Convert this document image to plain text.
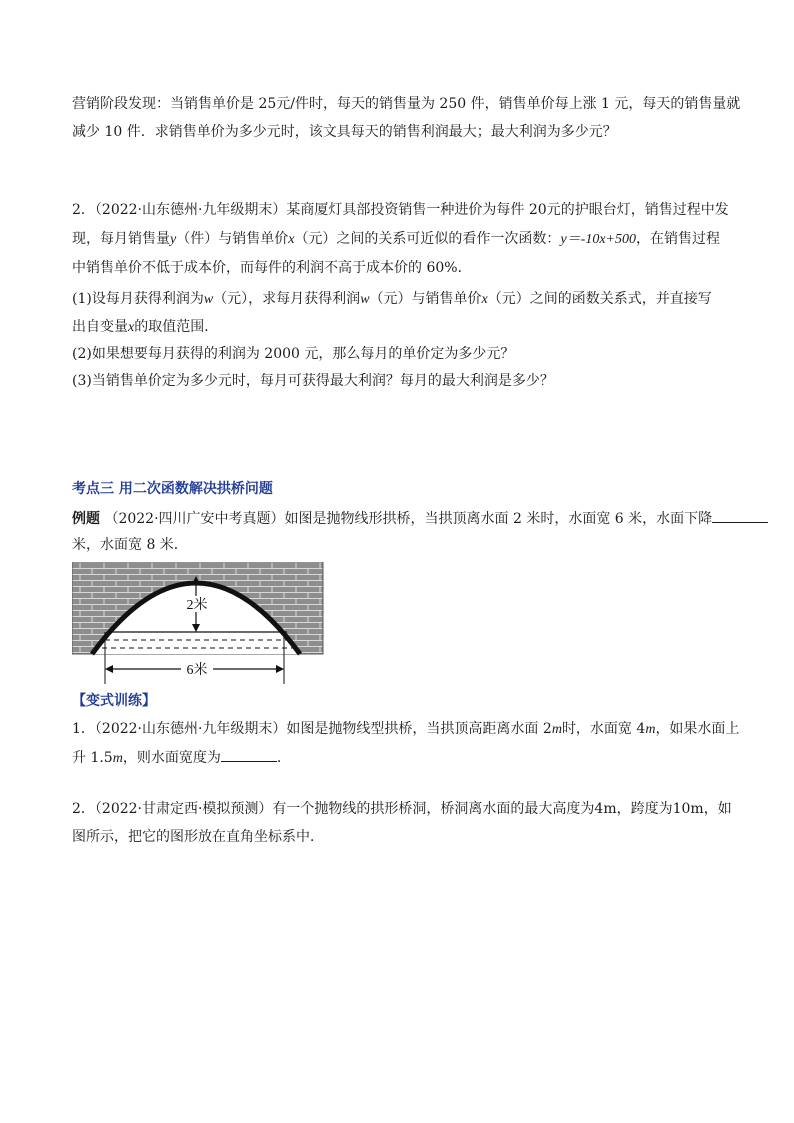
营销阶段发现：当销售单价是 25元/件时，每天的销售量为 250 件，销售单价每上涨 1 元，每天的销售量就
减少 10 件．求销售单价为多少元时，该文具每天的销售利润最大；最大利润为多少元？
2．（2022·山东德州·九年级期末）某商厦灯具部投资销售一种进价为每件 20元的护眼台灯，销售过程中发
现，每月销售量y（件）与销售单价x（元）之间的关系可近似的看作一次函数：y＝-10x+500，在销售过程
中销售单价不低于成本价，而每件的利润不高于成本价的 60%．
(1)设每月获得利润为w（元），求每月获得利润w（元）与销售单价x（元）之间的函数关系式，并直接写
出自变量x的取值范围．
(2)如果想要每月获得的利润为 2000 元，那么每月的单价定为多少元？
(3)当销售单价定为多少元时，每月可获得最大利润？每月的最大利润是多少？
考点三 用二次函数解决拱桥问题
例题 （2022·四川广安中考真题）如图是抛物线形拱桥，当拱顶离水面 2 米时，水面宽 6 米，水面下降
米，水面宽 8 米．
2米
6米
【变式训练】
1．（2022·山东德州·九年级期末）如图是抛物线型拱桥，当拱顶高距离水面 2m时，水面宽 4m，如果水面上
升 1.5m，则水面宽度为	．
2．（2022·甘肃定西·模拟预测）有一个抛物线的拱形桥洞，桥洞离水面的最大高度为4m，跨度为10m，如
图所示，把它的图形放在直角坐标系中．
